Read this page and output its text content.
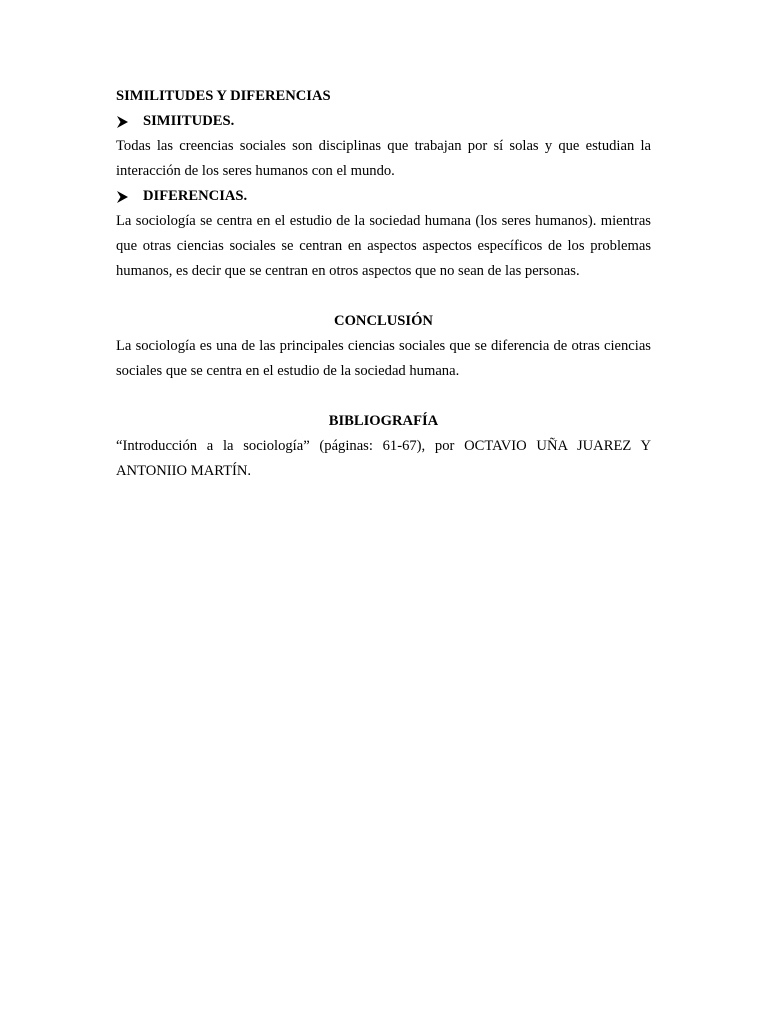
SIMILITUDES Y DIFERENCIAS

SIMIITUDES.

Todas las creencias sociales son disciplinas que trabajan por sí solas y que estudian la interacción de los seres humanos con el mundo.

DIFERENCIAS.

La sociología se centra en el estudio de la sociedad humana (los seres humanos). mientras que otras ciencias sociales se centran en aspectos aspectos específicos de los problemas humanos, es decir que se centran en otros aspectos que no sean de las personas.

CONCLUSIÓN

La sociología es una de las principales ciencias sociales que se diferencia de otras ciencias sociales que se centra en el estudio de la sociedad humana.

BIBLIOGRAFÍA

“Introducción a la sociología” (páginas: 61-67), por OCTAVIO UÑA JUAREZ Y ANTONIIO MARTÍN.
